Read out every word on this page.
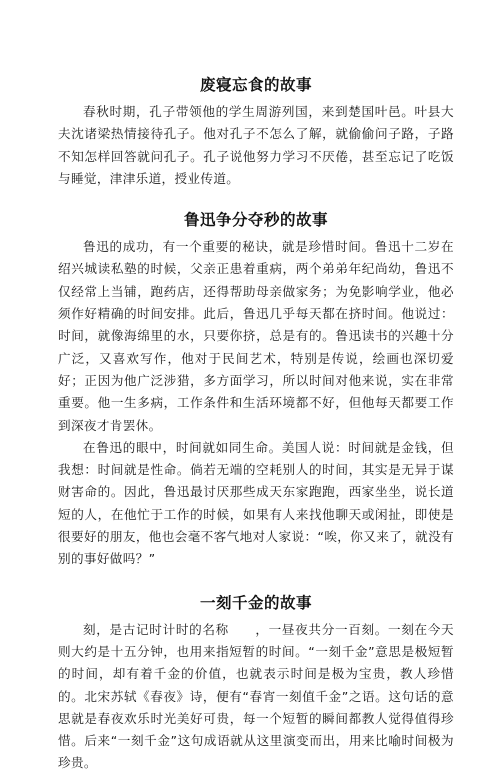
废寝忘食的故事

春秋时期，孔子带领他的学生周游列国，来到楚国叶邑。叶县大夫沈诸梁热情接待孔子。他对孔子不怎么了解，就偷偷问子路，子路不知怎样回答就问孔子。孔子说他努力学习不厌倦，甚至忘记了吃饭与睡觉，津津乐道，授业传道。

鲁迅争分夺秒的故事

鲁迅的成功，有一个重要的秘诀，就是珍惜时间。鲁迅十二岁在绍兴城读私塾的时候，父亲正患着重病，两个弟弟年纪尚幼，鲁迅不仅经常上当铺，跑药店，还得帮助母亲做家务；为免影响学业，他必须作好精确的时间安排。此后，鲁迅几乎每天都在挤时间。他说过：时间，就像海绵里的水，只要你挤，总是有的。鲁迅读书的兴趣十分广泛，又喜欢写作，他对于民间艺术，特别是传说，绘画也深切爱好；正因为他广泛涉猎，多方面学习，所以时间对他来说，实在非常重要。他一生多病，工作条件和生活环境都不好，但他每天都要工作到深夜才肯罢休。

在鲁迅的眼中，时间就如同生命。美国人说：时间就是金钱，但我想：时间就是性命。倘若无端的空耗别人的时间，其实是无异于谋财害命的。因此，鲁迅最讨厌那些成天东家跑跑，西家坐坐，说长道短的人，在他忙于工作的时候，如果有人来找他聊天或闲扯，即使是很要好的朋友，他也会毫不客气地对人家说：“唉，你又来了，就没有别的事好做吗？”

一刻千金的故事

刻，是古记时计时的名称　　，一昼夜共分一百刻。一刻在今天则大约是十五分钟，也用来指短暂的时间。“一刻千金”意思是极短暂的时间，却有着千金的价值，也就表示时间是极为宝贵，教人珍惜的。北宋苏轼《春夜》诗，便有“春宵一刻值千金”之语。这句话的意思就是春夜欢乐时光美好可贵，每一个短暂的瞬间都教人觉得值得珍惜。后来“一刻千金”这句成语就从这里演变而出，用来比喻时间极为珍贵。
